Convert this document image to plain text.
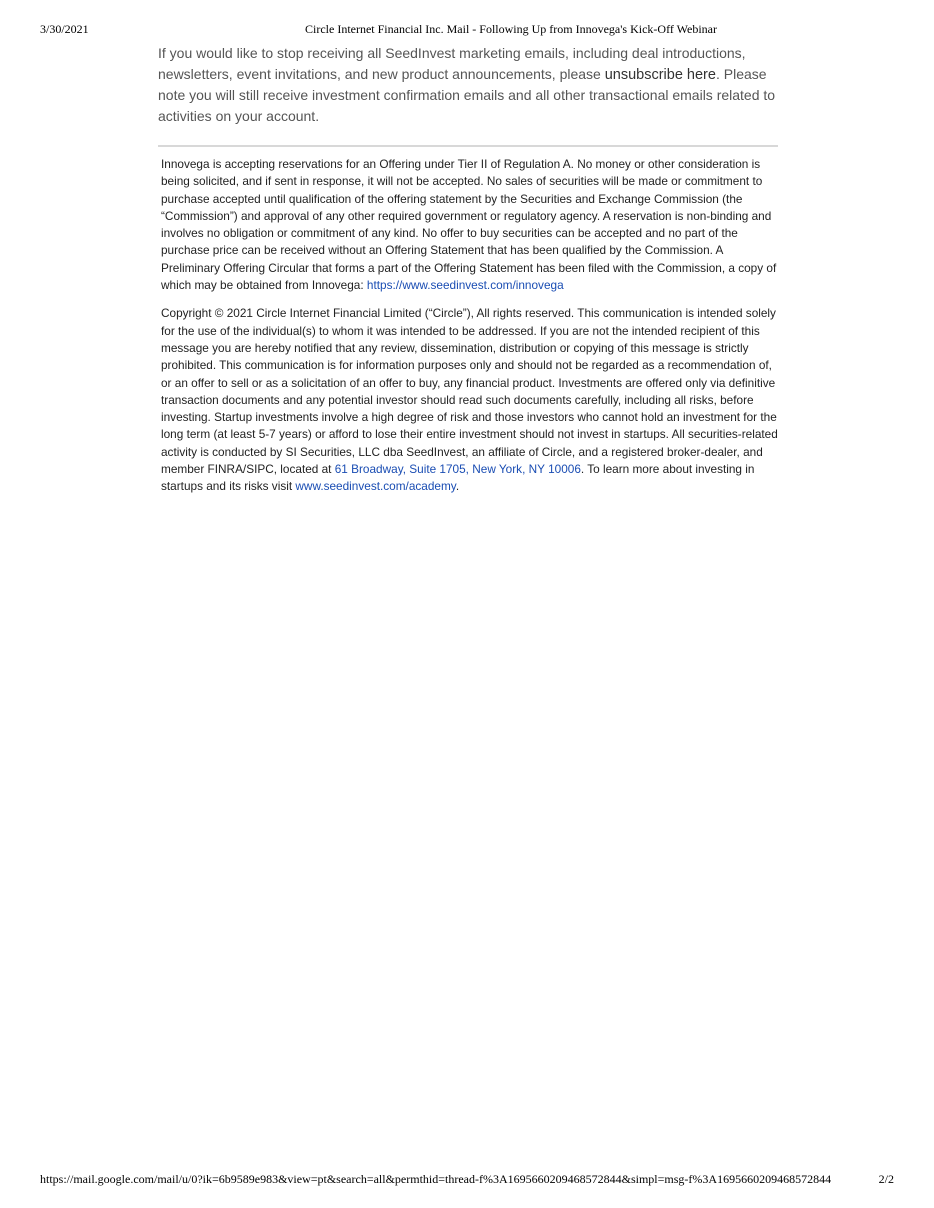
3/30/2021	Circle Internet Financial Inc. Mail - Following Up from Innovega's Kick-Off Webinar
If you would like to stop receiving all SeedInvest marketing emails, including deal introductions, newsletters, event invitations, and new product announcements, please unsubscribe here. Please note you will still receive investment confirmation emails and all other transactional emails related to activities on your account.

Innovega is accepting reservations for an Offering under Tier II of Regulation A. No money or other consideration is being solicited, and if sent in response, it will not be accepted. No sales of securities will be made or commitment to purchase accepted until qualification of the offering statement by the Securities and Exchange Commission (the “Commission”) and approval of any other required government or regulatory agency. A reservation is non-binding and involves no obligation or commitment of any kind. No offer to buy securities can be accepted and no part of the purchase price can be received without an Offering Statement that has been qualified by the Commission. A Preliminary Offering Circular that forms a part of the Offering Statement has been filed with the Commission, a copy of which may be obtained from Innovega: https://www.seedinvest.com/innovega

Copyright © 2021 Circle Internet Financial Limited (“Circle”), All rights reserved. This communication is intended solely for the use of the individual(s) to whom it was intended to be addressed. If you are not the intended recipient of this message you are hereby notified that any review, dissemination, distribution or copying of this message is strictly prohibited. This communication is for information purposes only and should not be regarded as a recommendation of, or an offer to sell or as a solicitation of an offer to buy, any financial product. Investments are offered only via definitive transaction documents and any potential investor should read such documents carefully, including all risks, before investing. Startup investments involve a high degree of risk and those investors who cannot hold an investment for the long term (at least 5-7 years) or afford to lose their entire investment should not invest in startups. All securities-related activity is conducted by SI Securities, LLC dba SeedInvest, an affiliate of Circle, and a registered broker-dealer, and member FINRA/SIPC, located at 61 Broadway, Suite 1705, New York, NY 10006. To learn more about investing in startups and its risks visit www.seedinvest.com/academy.

https://mail.google.com/mail/u/0?ik=6b9589e983&view=pt&search=all&permthid=thread-f%3A1695660209468572844&simpl=msg-f%3A1695660209468572844	2/2
